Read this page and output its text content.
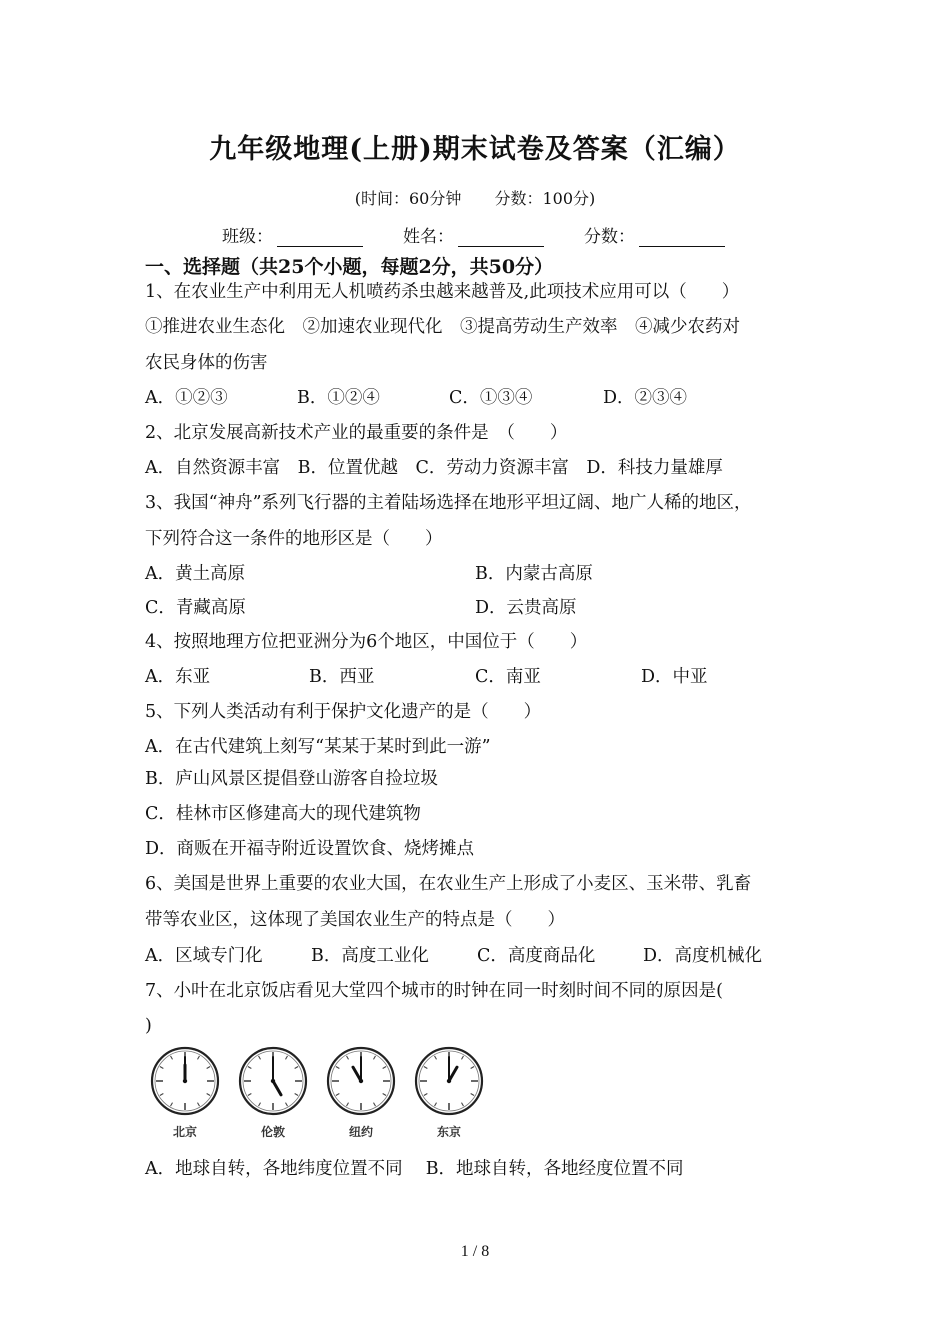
九年级地理(上册)期末试卷及答案（汇编）
(时间：60分钟 分数：100分)
班级：	姓名：	分数：
一、选择题（共25个小题，每题2分，共50分）
1、在农业生产中利用无人机喷药杀虫越来越普及,此项技术应用可以（　　）
①推进农业生态化　②加速农业现代化　③提高劳动生产效率　④减少农药对
农民身体的伤害
A．①②③	B．①②④	C．①③④	D．②③④
2、北京发展高新技术产业的最重要的条件是　（　　）
A．自然资源丰富　B．位置优越　C．劳动力资源丰富　D．科技力量雄厚
3、我国“神舟”系列飞行器的主着陆场选择在地形平坦辽阔、地广人稀的地区，
下列符合这一条件的地形区是（　　）
A．黄土高原	B．内蒙古高原
C．青藏高原	D．云贵高原
4、按照地理方位把亚洲分为6个地区，中国位于（　　）
A．东亚	B．西亚	C．南亚	D．中亚
5、下列人类活动有利于保护文化遗产的是（　　）
A．在古代建筑上刻写“某某于某时到此一游”
B．庐山风景区提倡登山游客自捡垃圾
C．桂林市区修建高大的现代建筑物
D．商贩在开福寺附近设置饮食、烧烤摊点
6、美国是世界上重要的农业大国，在农业生产上形成了小麦区、玉米带、乳畜
带等农业区，这体现了美国农业生产的特点是（　　）
A．区域专门化	B．高度工业化	C．高度商品化	D．高度机械化
7、小叶在北京饭店看见大堂四个城市的时钟在同一时刻时间不同的原因是(
)
北京	伦敦	纽约	东京
A．地球自转，各地纬度位置不同　 B．地球自转，各地经度位置不同
1 / 8
